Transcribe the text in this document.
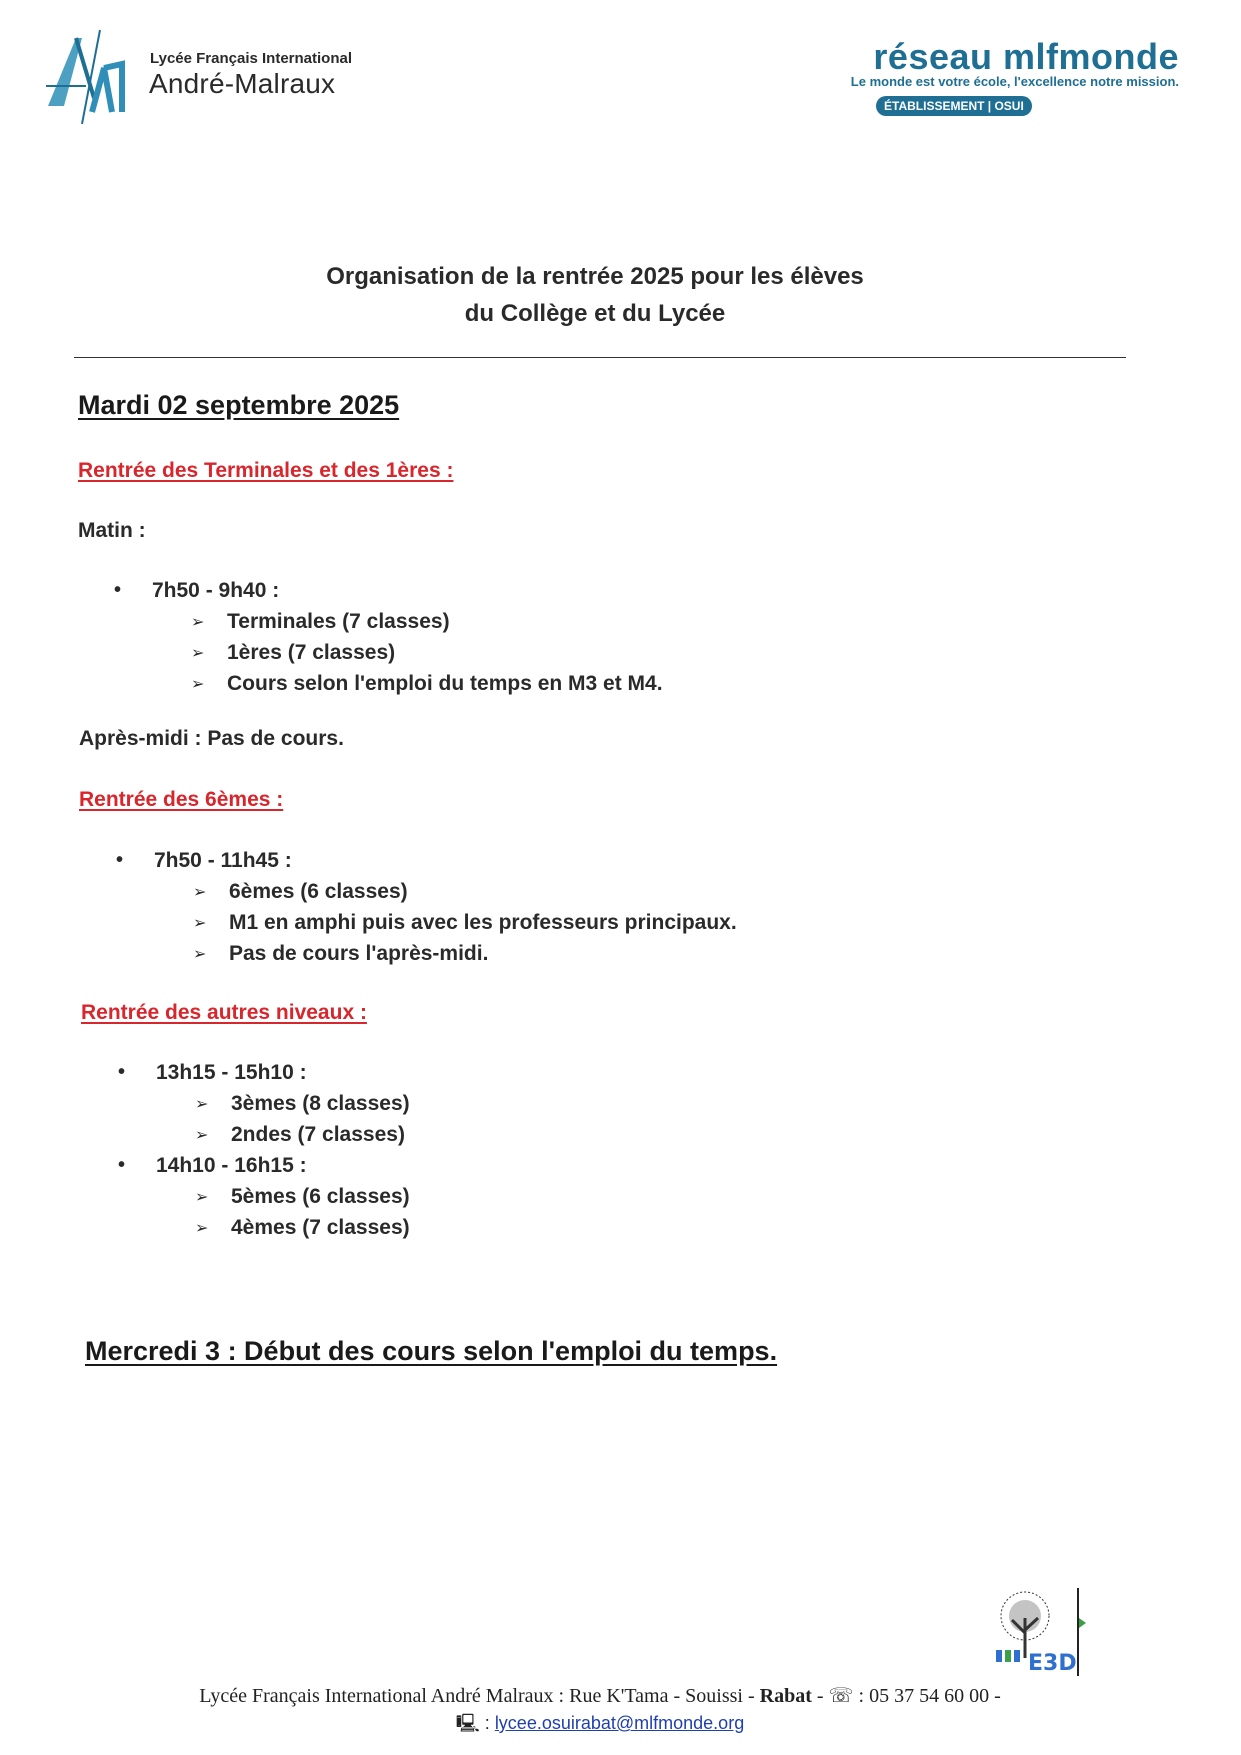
Lycée Français International
André-Malraux
réseau mlfmonde
Le monde est votre école, l'excellence notre mission.
ÉTABLISSEMENT | OSUI
Organisation de la rentrée 2025 pour les élèves
du Collège et du Lycée
Mardi 02 septembre 2025
Rentrée des Terminales et des 1ères :
Matin :
• 7h50 - 9h40 :
➢ Terminales (7 classes)
➢ 1ères (7 classes)
➢ Cours selon l'emploi du temps en M3 et M4.
Après-midi : Pas de cours.
Rentrée des 6èmes :
• 7h50 - 11h45 :
➢ 6èmes (6 classes)
➢ M1 en amphi puis avec les professeurs principaux.
➢ Pas de cours l'après-midi.
Rentrée des autres niveaux :
• 13h15 - 15h10 :
➢ 3èmes (8 classes)
➢ 2ndes (7 classes)
• 14h10 - 16h15 :
➢ 5èmes (6 classes)
➢ 4èmes (7 classes)
Mercredi 3 : Début des cours selon l'emploi du temps.
E3D
Lycée Français International André Malraux : Rue K'Tama - Souissi - Rabat - ☏ : 05 37 54 60 00 -
🖳 : lycee.osuirabat@mlfmonde.org
